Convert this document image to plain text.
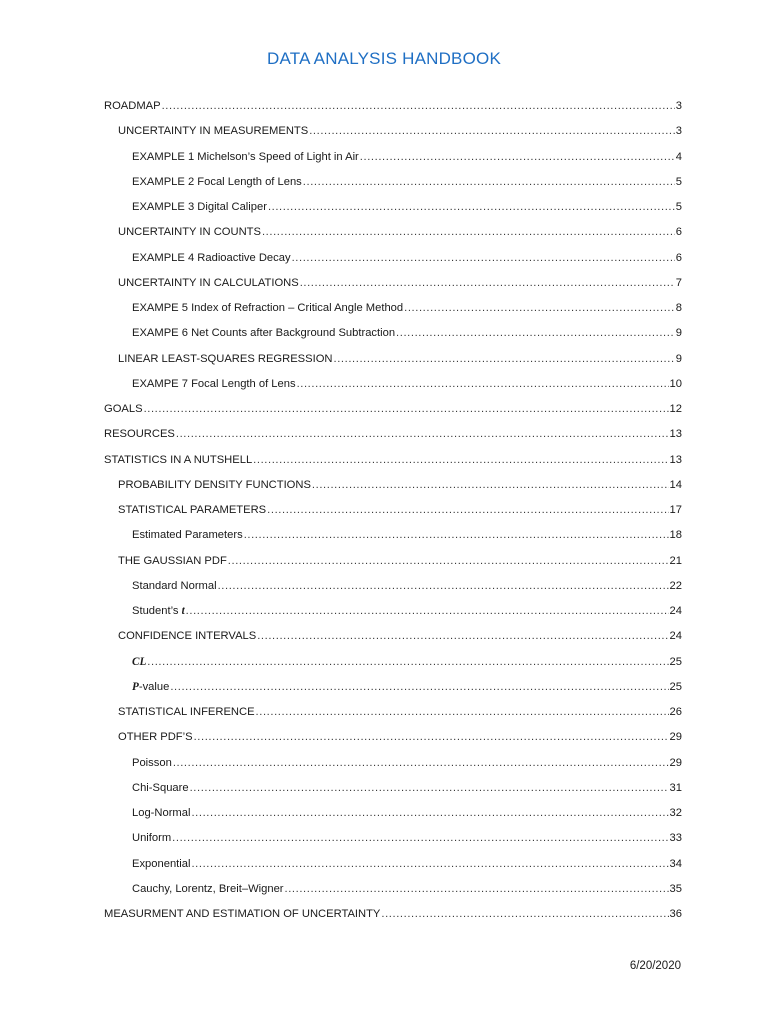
DATA ANALYSIS HANDBOOK
ROADMAP .....	3
UNCERTAINTY IN MEASUREMENTS .....	3
EXAMPLE 1 Michelson’s Speed of Light in Air .....	4
EXAMPLE 2 Focal Length of Lens .....	5
EXAMPLE 3 Digital Caliper .....	5
UNCERTAINTY IN COUNTS .....	6
EXAMPLE 4 Radioactive Decay .....	6
UNCERTAINTY IN CALCULATIONS .....	7
EXAMPE 5 Index of Refraction – Critical Angle Method .....	8
EXAMPE 6 Net Counts after Background Subtraction .....	9
LINEAR LEAST-SQUARES REGRESSION .....	9
EXAMPE 7 Focal Length of Lens .....	10
GOALS .....	12
RESOURCES .....	13
STATISTICS IN A NUTSHELL .....	13
PROBABILITY DENSITY FUNCTIONS .....	14
STATISTICAL PARAMETERS .....	17
Estimated Parameters .....	18
THE GAUSSIAN PDF .....	21
Standard Normal .....	22
Student’s t .....	24
CONFIDENCE INTERVALS .....	24
CL .....	25
P-value .....	25
STATISTICAL INFERENCE .....	26
OTHER PDF’S .....	29
Poisson .....	29
Chi-Square .....	31
Log-Normal .....	32
Uniform .....	33
Exponential .....	34
Cauchy, Lorentz, Breit–Wigner .....	35
MEASURMENT AND ESTIMATION OF UNCERTAINTY .....	36
6/20/2020
